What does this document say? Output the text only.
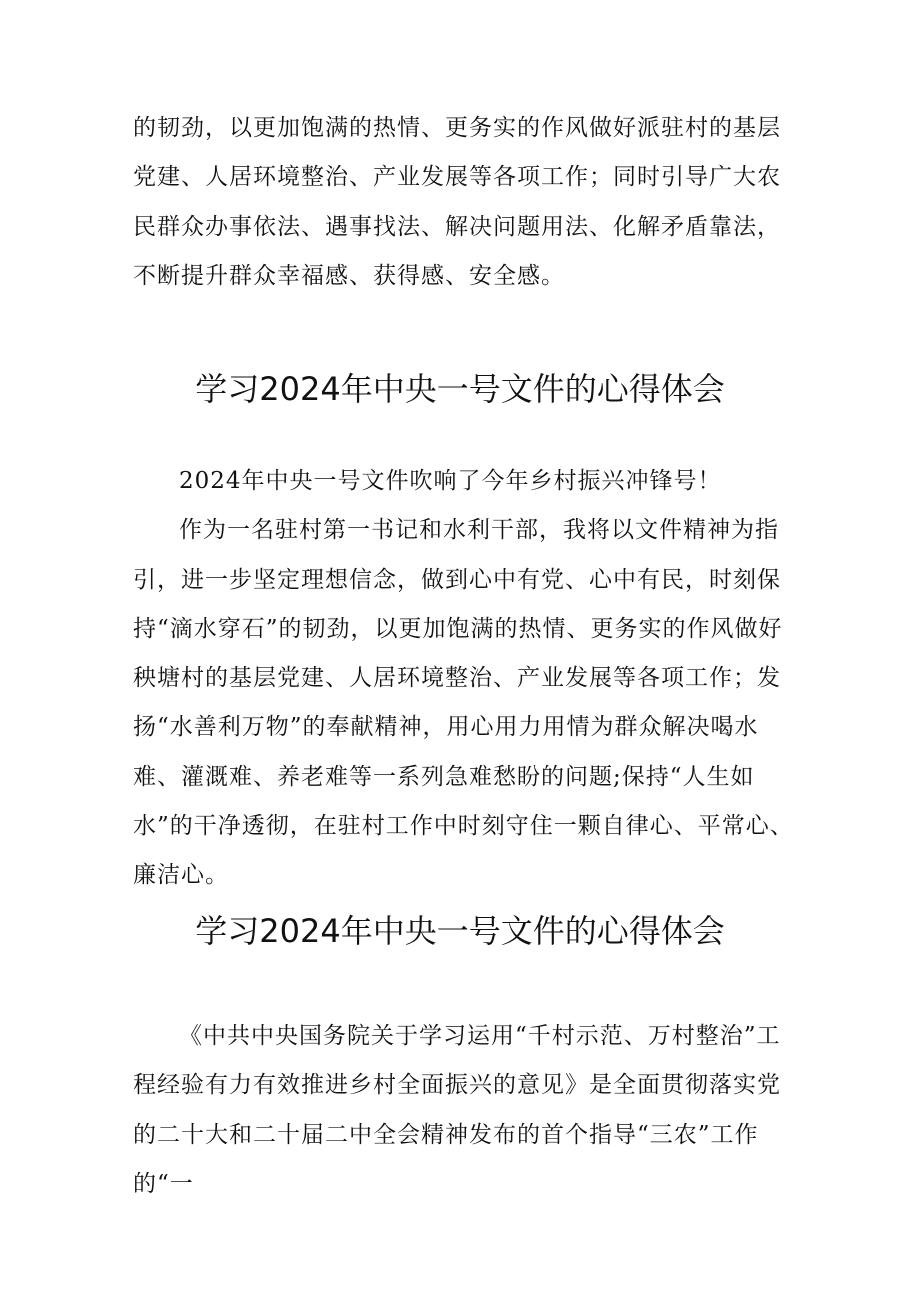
的韧劲，以更加饱满的热情、更务实的作风做好派驻村的基层党建、人居环境整治、产业发展等各项工作；同时引导广大农民群众办事依法、遇事找法、解决问题用法、化解矛盾靠法，不断提升群众幸福感、获得感、安全感。

学习2024年中央一号文件的心得体会

2024年中央一号文件吹响了今年乡村振兴冲锋号！

作为一名驻村第一书记和水利干部，我将以文件精神为指引，进一步坚定理想信念，做到心中有党、心中有民，时刻保持“滴水穿石”的韧劲，以更加饱满的热情、更务实的作风做好秧塘村的基层党建、人居环境整治、产业发展等各项工作；发扬“水善利万物”的奉献精神，用心用力用情为群众解决喝水难、灌溉难、养老难等一系列急难愁盼的问题;保持“人生如水”的干净透彻，在驻村工作中时刻守住一颗自律心、平常心、廉洁心。

学习2024年中央一号文件的心得体会

《中共中央国务院关于学习运用“千村示范、万村整治”工程经验有力有效推进乡村全面振兴的意见》是全面贯彻落实党的二十大和二十届二中全会精神发布的首个指导“三农”工作的“一
